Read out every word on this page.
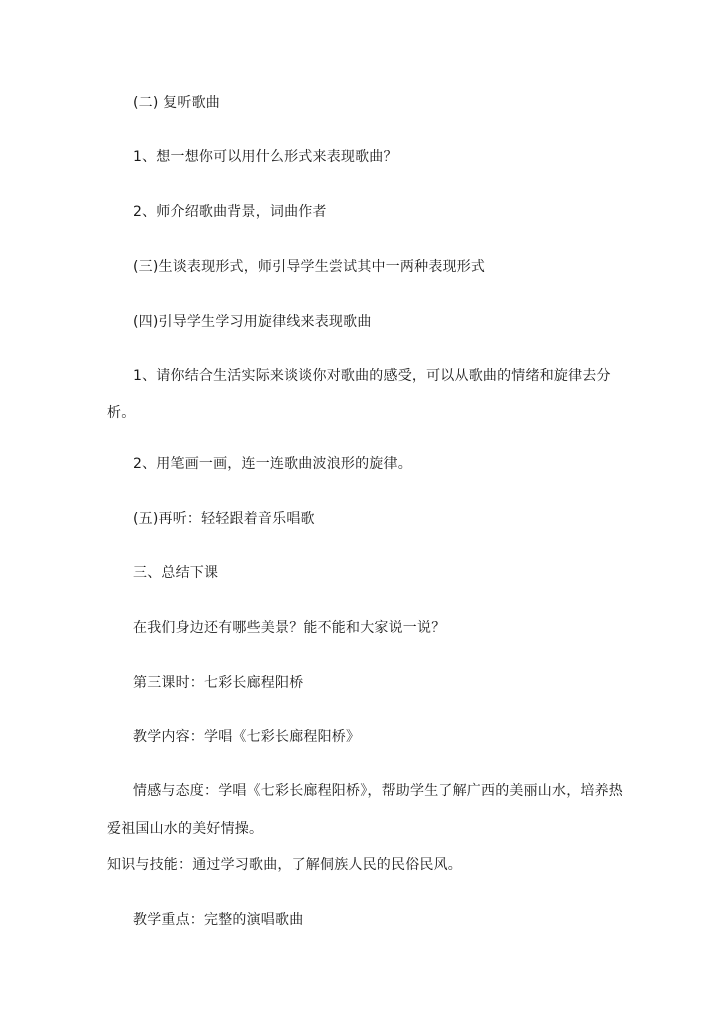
(二) 复听歌曲
1、想一想你可以用什么形式来表现歌曲？
2、师介绍歌曲背景，词曲作者
(三)生谈表现形式，师引导学生尝试其中一两种表现形式
(四)引导学生学习用旋律线来表现歌曲
1、请你结合生活实际来谈谈你对歌曲的感受，可以从歌曲的情绪和旋律去分
析。
2、用笔画一画，连一连歌曲波浪形的旋律。
(五)再听：轻轻跟着音乐唱歌
三、总结下课
在我们身边还有哪些美景？能不能和大家说一说？
第三课时：七彩长廊程阳桥
教学内容：学唱《七彩长廊程阳桥》
情感与态度：学唱《七彩长廊程阳桥》，帮助学生了解广西的美丽山水，培养热
爱祖国山水的美好情操。
知识与技能：通过学习歌曲，了解侗族人民的民俗民风。
教学重点：完整的演唱歌曲
